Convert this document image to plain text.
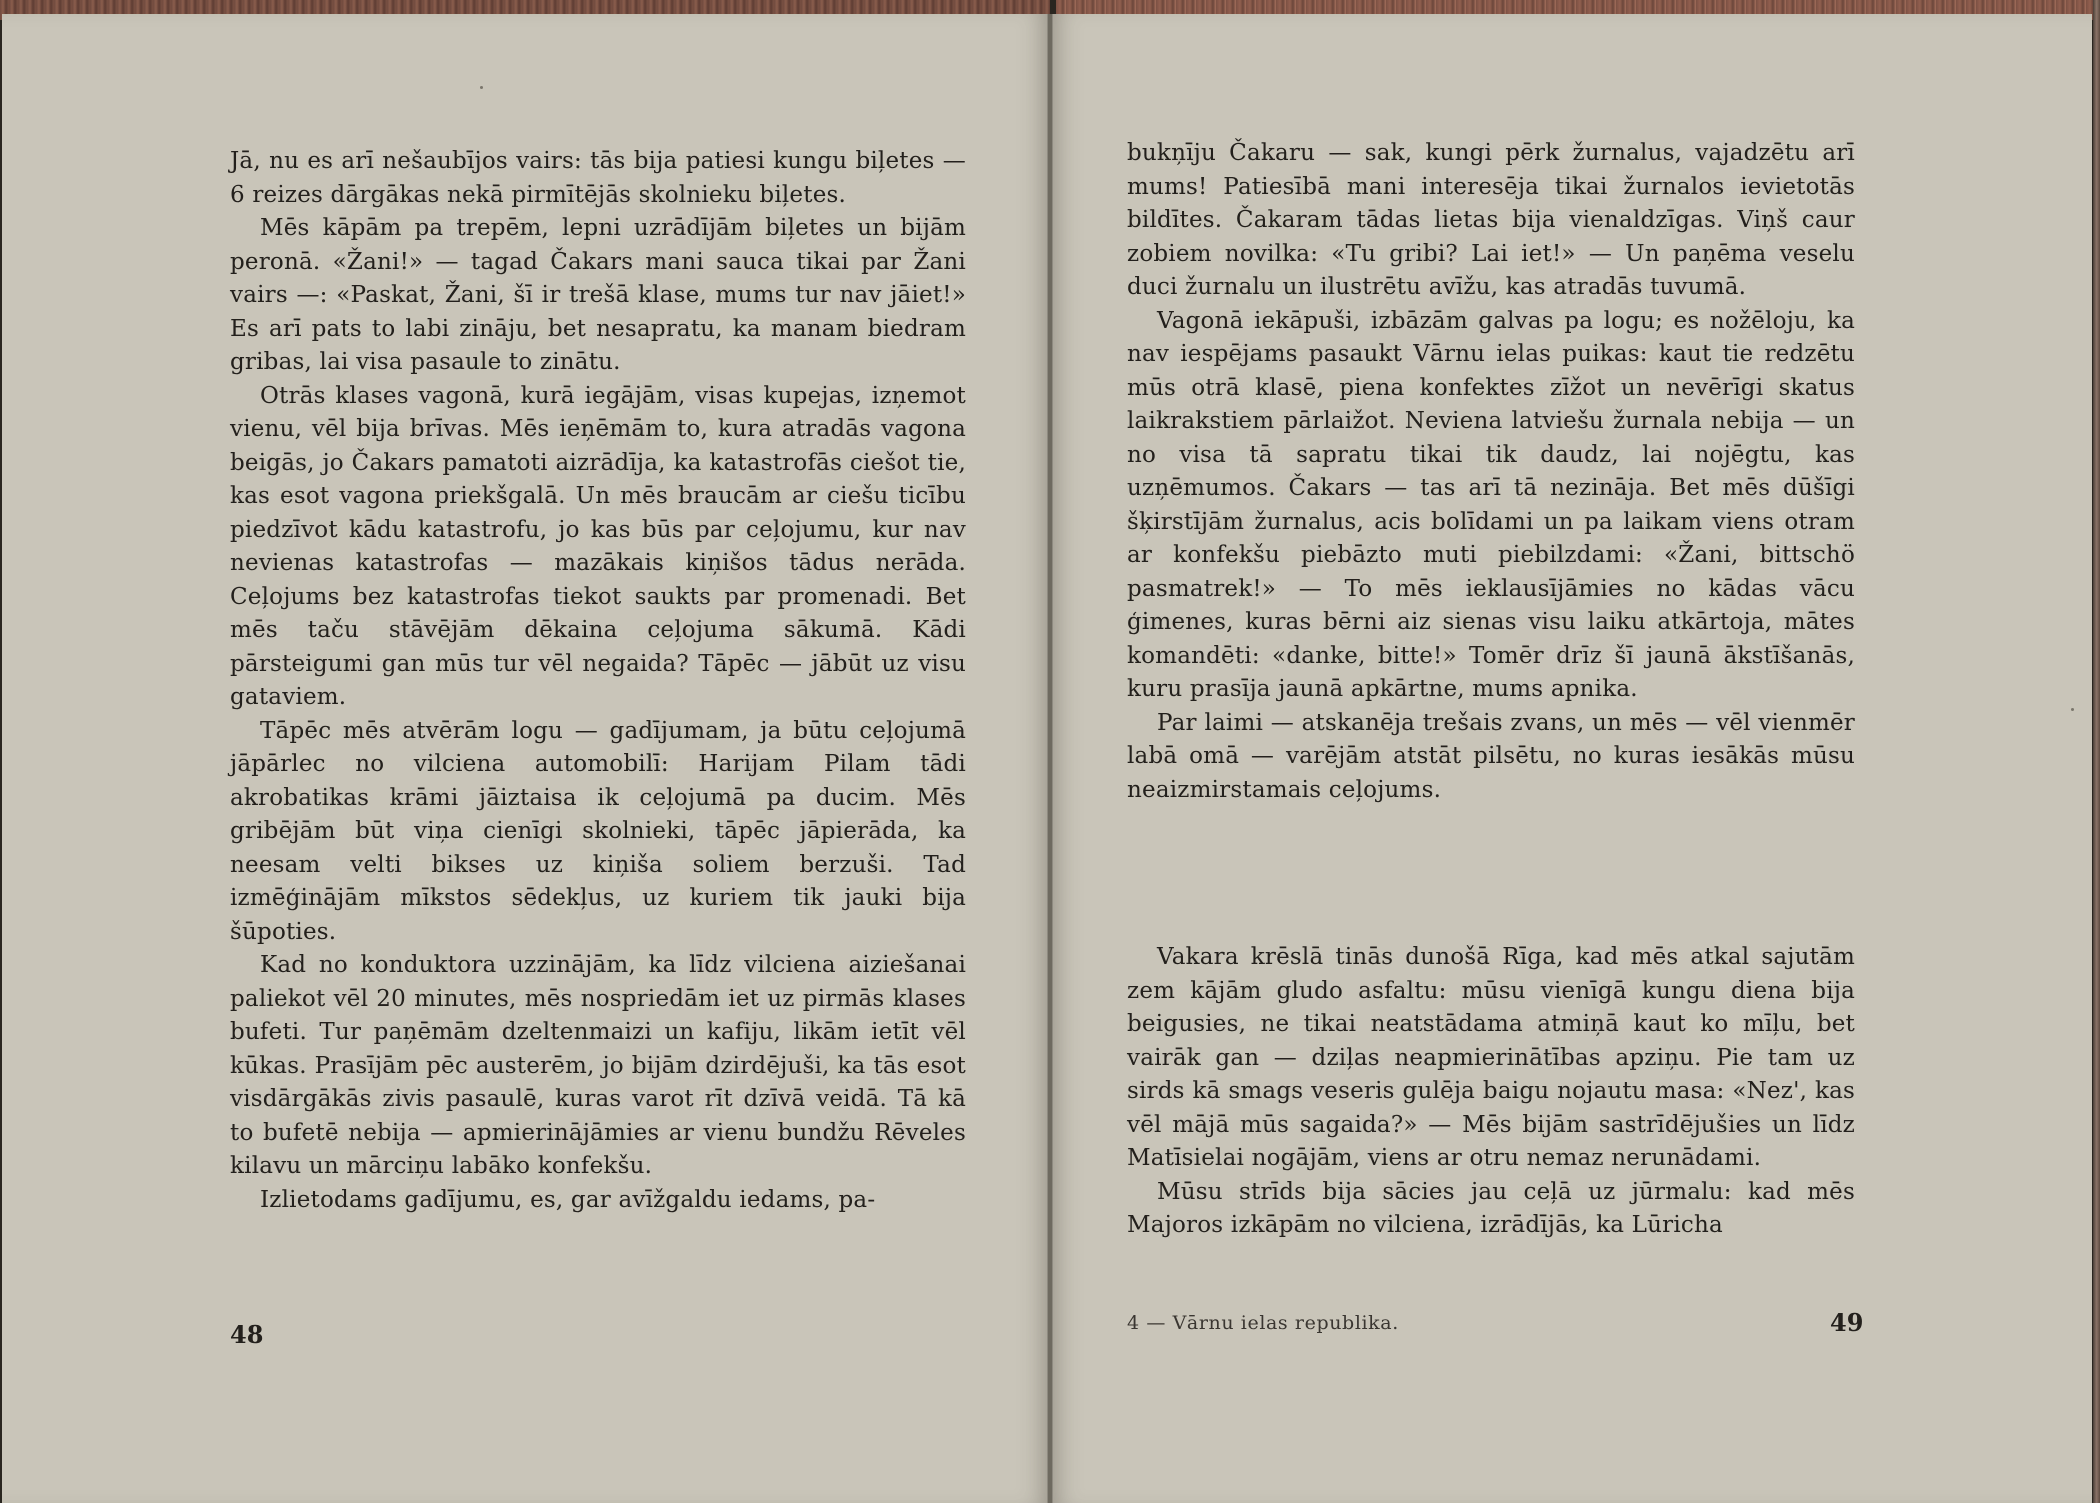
Jā, nu es arī nešaubījos vairs: tās bija patiesi kungu biļetes — 6 reizes dārgākas nekā pirmītējās skolnieku biļetes.

Mēs kāpām pa trepēm, lepni uzrādījām biļetes un bijām peronā. «Žani!» — tagad Čakars mani sauca tikai par Žani vairs —: «Paskat, Žani, šī ir trešā klase, mums tur nav jāiet!» Es arī pats to labi zināju, bet nesapratu, ka manam biedram gribas, lai visa pasaule to zinātu.

Otrās klases vagonā, kurā iegājām, visas kupejas, izņemot vienu, vēl bija brīvas. Mēs ieņēmām to, kura atradās vagona beigās, jo Čakars pamatoti aizrādīja, ka katastrofās ciešot tie, kas esot vagona priekšgalā. Un mēs braucām ar ciešu ticību piedzīvot kādu katastrofu, jo kas būs par ceļojumu, kur nav nevienas katastrofas — mazākais kiņišos tādus nerāda. Ceļojums bez katastrofas tiekot saukts par promenadi. Bet mēs taču stāvējām dēkaina ceļojuma sākumā. Kādi pārsteigumi gan mūs tur vēl negaida? Tāpēc — jābūt uz visu gataviem.

Tāpēc mēs atvērām logu — gadījumam, ja būtu ceļojumā jāpārlec no vilciena automobilī: Harijam Pilam tādi akrobatikas krāmi jāiztaisa ik ceļojumā pa ducim. Mēs gribējām būt viņa cienīgi skolnieki, tāpēc jāpierāda, ka neesam velti bikses uz kiņiša soliem berzuši. Tad izmēģinājām mīkstos sēdekļus, uz kuriem tik jauki bija šūpoties.

Kad no konduktora uzzinājām, ka līdz vilciena aiziešanai paliekot vēl 20 minutes, mēs nospriedām iet uz pirmās klases bufeti. Tur paņēmām dzeltenmaizi un kafiju, likām ietīt vēl kūkas. Prasījām pēc austerēm, jo bijām dzirdējuši, ka tās esot visdārgākās zivis pasaulē, kuras varot rīt dzīvā veidā. Tā kā to bufetē nebija — apmierinājāmies ar vienu bundžu Rēveles kilavu un mārciņu labāko konfekšu.

Izlietodams gadījumu, es, gar avīžgaldu iedams, pa-

48

bukņīju Čakaru — sak, kungi pērk žurnalus, vajadzētu arī mums! Patiesībā mani interesēja tikai žurnalos ievietotās bildītes. Čakaram tādas lietas bija vienaldzīgas. Viņš caur zobiem novilka: «Tu gribi? Lai iet!» — Un paņēma veselu duci žurnalu un ilustrētu avīžu, kas atradās tuvumā.

Vagonā iekāpuši, izbāzām galvas pa logu; es nožēloju, ka nav iespējams pasaukt Vārnu ielas puikas: kaut tie redzētu mūs otrā klasē, piena konfektes zīžot un nevērīgi skatus laikrakstiem pārlaižot. Neviena latviešu žurnala nebija — un no visa tā sapratu tikai tik daudz, lai nojēgtu, kas uzņēmumos. Čakars — tas arī tā nezināja. Bet mēs dūšīgi šķirstījām žurnalus, acis bolīdami un pa laikam viens otram ar konfekšu piebāzto muti piebilzdami: «Žani, bittschö pasmatrek!» — To mēs ieklausījāmies no kādas vācu ģimenes, kuras bērni aiz sienas visu laiku atkārtoja, mātes komandēti: «danke, bitte!» Tomēr drīz šī jaunā ākstīšanās, kuru prasīja jaunā apkārtne, mums apnika.

Par laimi — atskanēja trešais zvans, un mēs — vēl vienmēr labā omā — varējām atstāt pilsētu, no kuras iesākās mūsu neaizmirstamais ceļojums.

Vakara krēslā tinās dunošā Rīga, kad mēs atkal sajutām zem kājām gludo asfaltu: mūsu vienīgā kungu diena bija beigusies, ne tikai neatstādama atmiņā kaut ko mīļu, bet vairāk gan — dziļas neapmierinātības apziņu. Pie tam uz sirds kā smags veseris gulēja baigu nojautu masa: «Nez', kas vēl mājā mūs sagaida?» — Mēs bijām sastrīdējušies un līdz Matīsielai nogājām, viens ar otru nemaz nerunādami.

Mūsu strīds bija sācies jau ceļā uz jūrmalu: kad mēs Majoros izkāpām no vilciena, izrādījās, ka Lūricha

4 — Vārnu ielas republika.	49
